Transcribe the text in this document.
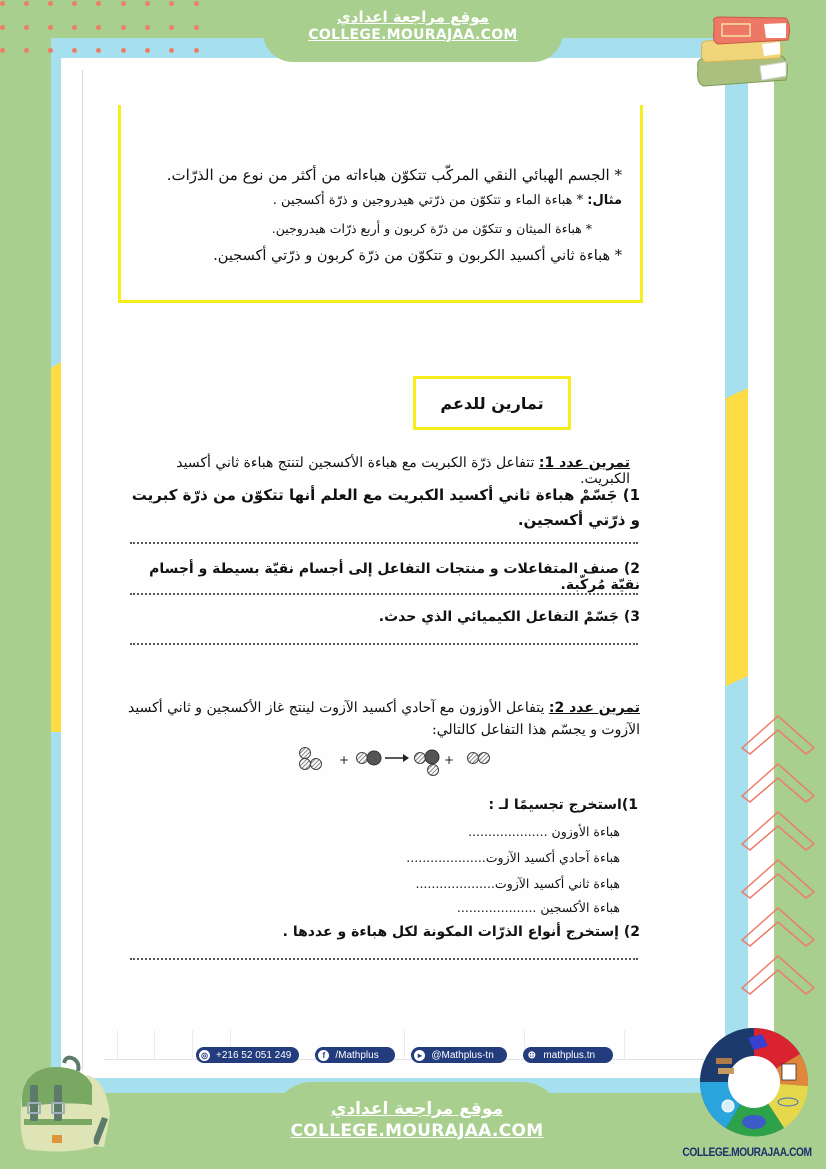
موقع مراجعة اعدادي
COLLEGE.MOURAJAA.COM
* الجسم الهبائي النقي المركّب تتكوّن هباءاته من أكثر من نوع من الذرّات.
مثال: * هباءة الماء و تتكوّن من ذرّتي هيدروجين و ذرّة أكسجين .
* هباءة الميثان و تتكوّن من ذرّة كربون و أربع ذرّات هيدروجين.
* هباءة ثاني أكسيد الكربون و تتكوّن من ذرّة كربون و ذرّتي أكسجين.
تمارين للدعم
تمرين عدد 1: تتفاعل ذرّة الكبريت مع هباءة الأكسجين لتنتج هباءة ثاني أكسيد الكبريت.
1) جَسّمْ هباءة ثاني أكسيد الكبريت مع العلم أنها تتكوّن من ذرّة كبريت و ذرّتي أكسجين.
2) صنف المتفاعلات و منتجات التفاعل إلى أجسام نقيّة بسيطة و أجسام نقيّة مُركّبة.
3) جَسّمْ التفاعل الكيميائي الذي حدث.
تمرين عدد 2: يتفاعل الأوزون مع آحادي أكسيد الآزوت لينتج غاز الأكسجين و ثاني أكسيد الآزوت و يجسّم هذا التفاعل كالتالي:
+	+
1)استخرج تجسيمًا لـ :
هباءة الأوزون ....................
هباءة آحادي أكسيد الآزوت....................
هباءة ثاني أكسيد الآزوت....................
هباءة الأكسجين ....................
2) إستخرج أنواع الذرّات المكونة لكل هباءة و عددها .
◎ +216 52 051 249	f	/Mathplus	▸ @Mathplus-tn	⊕ mathplus.tn
موقع مراجعة اعدادي
COLLEGE.MOURAJAA.COM
COLLEGE.MOURAJAA.COM
